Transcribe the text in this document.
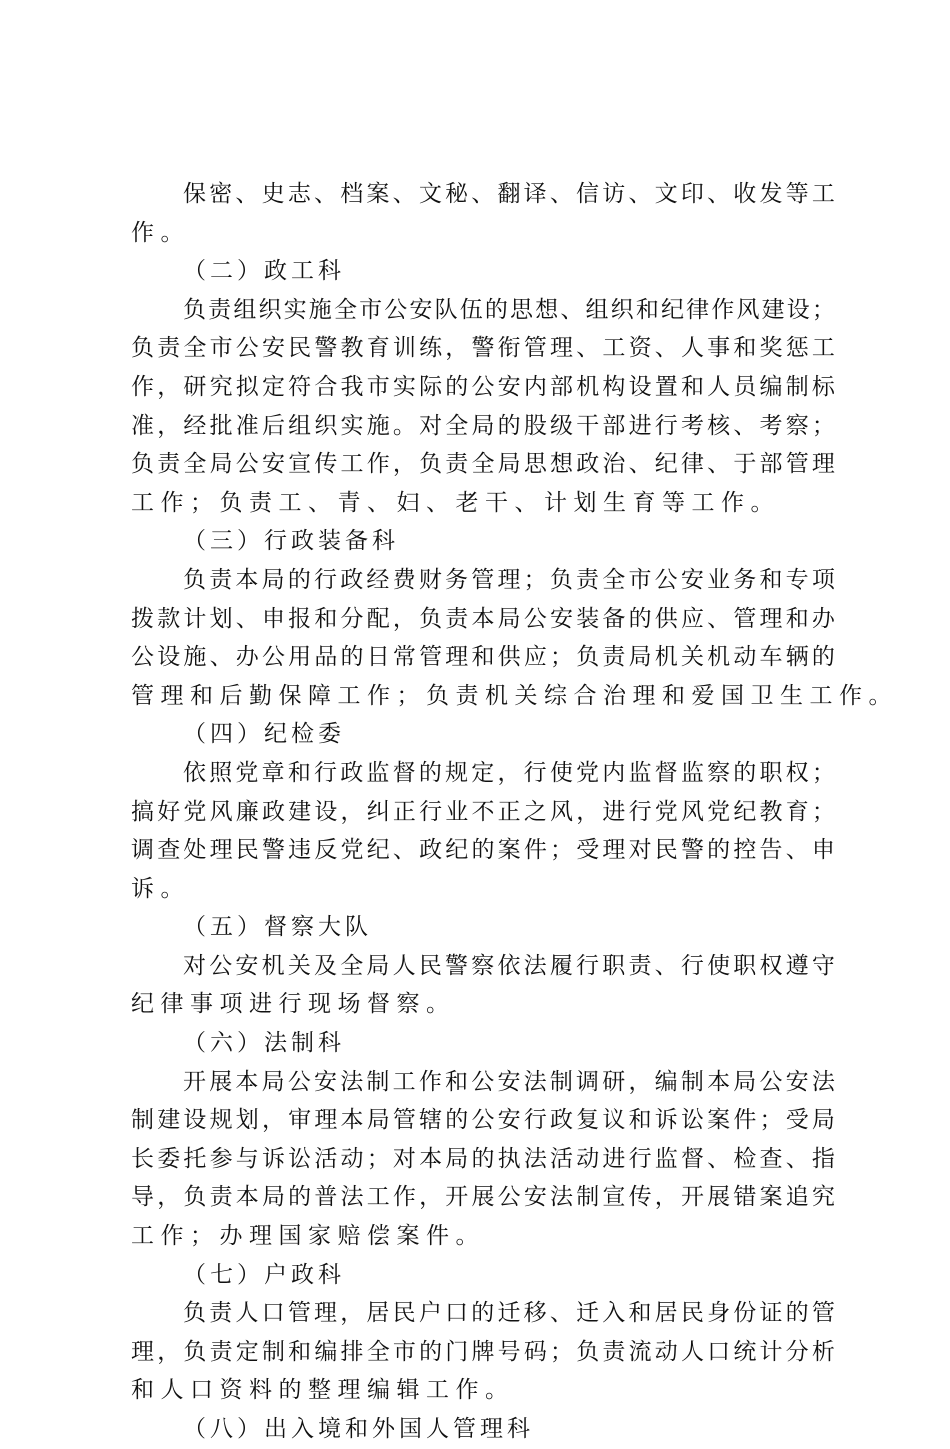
保 密 、 史 志 、 档 案 、 文 秘 、 翻 译 、 信 访 、 文 印 、 收 发 等 工
作。
（二）政工科
负 责 组 织 实 施 全 市 公 安 队 伍 的 思 想 、 组 织 和 纪 律 作 风 建 设 ；
负 责 全 市 公 安 民 警 教 育 训 练 ， 警 衔 管 理 、 工 资 、 人 事 和 奖 惩 工
作 ， 研 究 拟 定 符 合 我 市 实 际 的 公 安 内 部 机 构 设 置 和 人 员 编 制 标
准 ， 经 批 准 后 组 织 实 施 。 对 全 局 的 股 级 干 部 进 行 考 核 、 考 察 ；
负 责 全 局 公 安 宣 传 工 作 ， 负 责 全 局 思 想 政 治 、 纪 律 、 于 部 管 理
工作；负责工、青、妇、老干、计划生育等工作。
（三）行政装备科
负 责 本 局 的 行 政 经 费 财 务 管 理 ； 负 责 全 市 公 安 业 务 和 专 项
拨 款 计 划 、 申 报 和 分 配 ， 负 责 本 局 公 安 装 备 的 供 应 、 管 理 和 办
公 设 施 、 办 公 用 品 的 日 常 管 理 和 供 应 ； 负 责 局 机 关 机 动 车 辆 的
管理和后勤保障工作；负责机关综合治理和爱国卫生工作。
（四）纪检委
依 照 党 章 和 行 政 监 督 的 规 定 ， 行 使 党 内 监 督 监 察 的 职 权 ；
搞 好 党 风 廉 政 建 设 ， 纠 正 行 业 不 正 之 风 ， 进 行 党 风 党 纪 教 育 ；
调 查 处 理 民 警 违 反 党 纪 、 政 纪 的 案 件 ； 受 理 对 民 警 的 控 告 、 申
诉。
（五）督察大队
对 公 安 机 关 及 全 局 人 民 警 察 依 法 履 行 职 责 、 行 使 职 权 遵 守
纪律事项进行现场督察。
（六）法制科
开 展 本 局 公 安 法 制 工 作 和 公 安 法 制 调 研 ， 编 制 本 局 公 安 法
制 建 设 规 划 ， 审 理 本 局 管 辖 的 公 安 行 政 复 议 和 诉 讼 案 件 ； 受 局
长 委 托 参 与 诉 讼 活 动 ； 对 本 局 的 执 法 活 动 进 行 监 督 、 检 查 、 指
导 ， 负 责 本 局 的 普 法 工 作 ， 开 展 公 安 法 制 宣 传 ， 开 展 错 案 追 究
工作；办理国家赔偿案件。
（七）户政科
负 责 人 口 管 理 ， 居 民 户 口 的 迁 移 、 迁 入 和 居 民 身 份 证 的 管
理 ， 负 责 定 制 和 编 排 全 市 的 门 牌 号 码 ； 负 责 流 动 人 口 统 计 分 析
和人口资料的整理编辑工作。
（八）出入境和外国人管理科
